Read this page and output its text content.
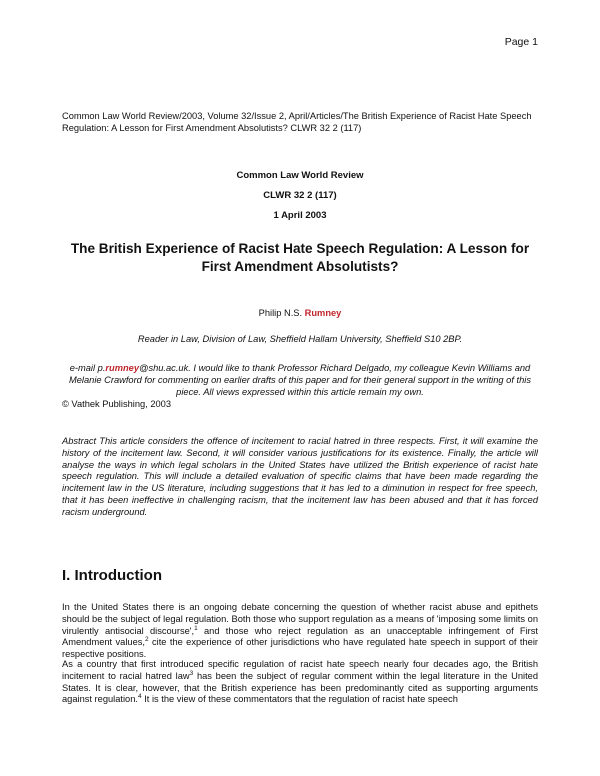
Page 1
Common Law World Review/2003, Volume 32/Issue 2, April/Articles/The British Experience of Racist Hate Speech Regulation: A Lesson for First Amendment Absolutists? CLWR 32 2 (117)
Common Law World Review
CLWR 32 2 (117)
1 April 2003
The British Experience of Racist Hate Speech Regulation: A Lesson for First Amendment Absolutists?
Philip N.S. Rumney
Reader in Law, Division of Law, Sheffield Hallam University, Sheffield S10 2BP.
e-mail p.rumney@shu.ac.uk. I would like to thank Professor Richard Delgado, my colleague Kevin Williams and Melanie Crawford for commenting on earlier drafts of this paper and for their general support in the writing of this piece. All views expressed within this article remain my own.
© Vathek Publishing, 2003
Abstract This article considers the offence of incitement to racial hatred in three respects. First, it will examine the history of the incitement law. Second, it will consider various justifications for its existence. Finally, the article will analyse the ways in which legal scholars in the United States have utilized the British experience of racist hate speech regulation. This will include a detailed evaluation of specific claims that have been made regarding the incitement law in the US literature, including suggestions that it has led to a diminution in respect for free speech, that it has been ineffective in challenging racism, that the incitement law has been abused and that it has forced racism underground.
I. Introduction
In the United States there is an ongoing debate concerning the question of whether racist abuse and epithets should be the subject of legal regulation. Both those who support regulation as a means of 'imposing some limits on virulently antisocial discourse',$^1$ and those who reject regulation as an unacceptable infringement of First Amendment values,$^2$ cite the experience of other jurisdictions who have regulated hate speech in support of their respective positions.
As a country that first introduced specific regulation of racist hate speech nearly four decades ago, the British incitement to racial hatred law$^3$ has been the subject of regular comment within the legal literature in the United States. It is clear, however, that the British experience has been predominantly cited as supporting arguments against regulation.$^4$ It is the view of these commentators that the regulation of racist hate speech
